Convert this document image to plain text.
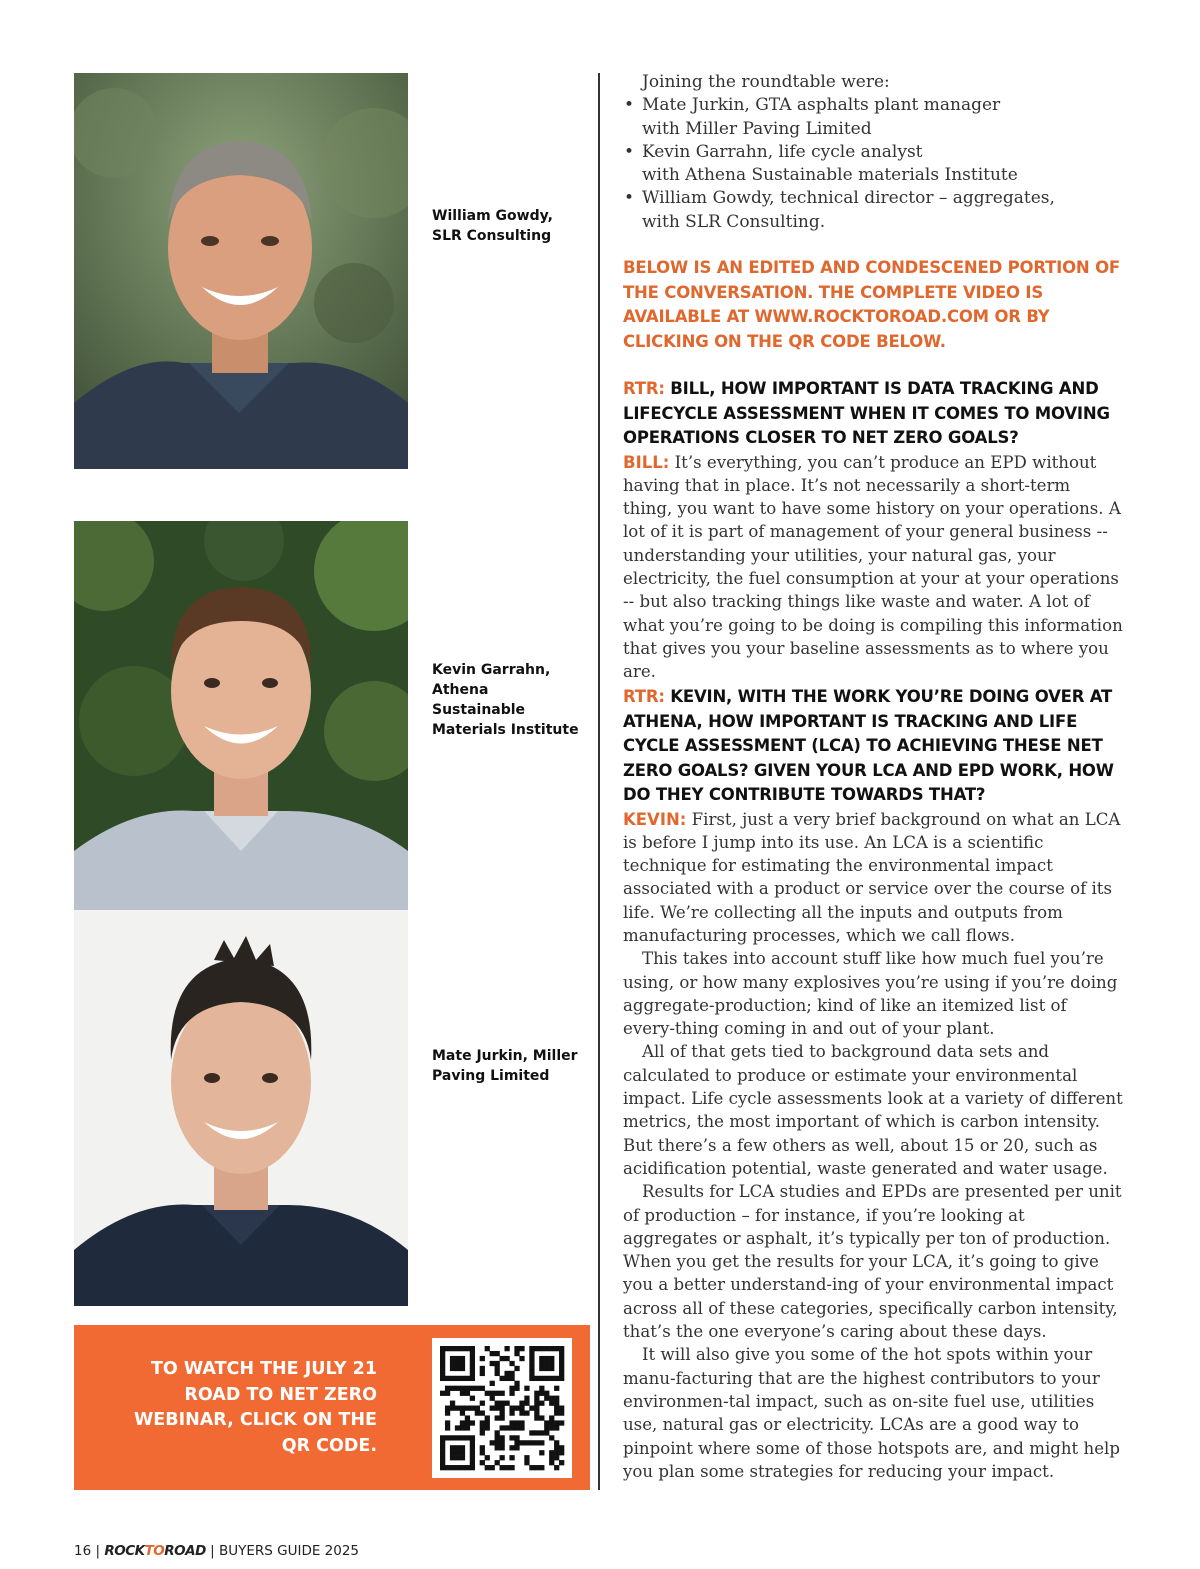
William Gowdy, SLR Consulting
Kevin Garrahn, Athena Sustainable Materials Institute
Mate Jurkin, Miller Paving Limited

Joining the roundtable were:

• Mate Jurkin, GTA asphalts plant manager
with Miller Paving Limited
• Kevin Garrahn, life cycle analyst
with Athena Sustainable materials Institute
• William Gowdy, technical director – aggregates,
with SLR Consulting.
BELOW IS AN EDITED AND CONDESCENED PORTION OF THE CONVERSATION. THE COMPLETE VIDEO IS AVAILABLE AT WWW.ROCKTOROAD.COM OR BY CLICKING ON THE QR CODE BELOW.
RTR: BILL, HOW IMPORTANT IS DATA TRACKING AND LIFECYCLE ASSESSMENT WHEN IT COMES TO MOVING OPERATIONS CLOSER TO NET ZERO GOALS?

BILL: It’s everything, you can’t produce an EPD without having that in place. It’s not necessarily a short-term thing, you want to have some history on your operations. A lot of it is part of management of your general business -- understanding your utilities, your natural gas, your electricity, the fuel consumption at your at your operations -- but also tracking things like waste and water. A lot of what you’re going to be doing is compiling this information that gives you your baseline assessments as to where you are.

RTR: KEVIN, WITH THE WORK YOU’RE DOING OVER AT ATHENA, HOW IMPORTANT IS TRACKING AND LIFE CYCLE ASSESSMENT (LCA) TO ACHIEVING THESE NET ZERO GOALS? GIVEN YOUR LCA AND EPD WORK, HOW DO THEY CONTRIBUTE TOWARDS THAT?

KEVIN: First, just a very brief background on what an LCA is before I jump into its use. An LCA is a scientific technique for estimating the environmental impact associated with a product or service over the course of its life. We’re collecting all the inputs and outputs from manufacturing processes, which we call flows.

This takes into account stuff like how much fuel you’re using, or how many explosives you’re using if you’re doing aggregate-production; kind of like an itemized list of every-thing coming in and out of your plant.

All of that gets tied to background data sets and calculated to produce or estimate your environmental impact. Life cycle assessments look at a variety of different metrics, the most important of which is carbon intensity. But there’s a few others as well, about 15 or 20, such as acidification potential, waste generated and water usage.

Results for LCA studies and EPDs are presented per unit of production – for instance, if you’re looking at aggregates or asphalt, it’s typically per ton of production. When you get the results for your LCA, it’s going to give you a better understand-ing of your environmental impact across all of these categories, specifically carbon intensity, that’s the one everyone’s caring about these days.

It will also give you some of the hot spots within your manu-facturing that are the highest contributors to your environmen-tal impact, such as on-site fuel use, utilities use, natural gas or electricity. LCAs are a good way to pinpoint where some of those hotspots are, and might help you plan some strategies for reducing your impact.

TO WATCH THE JULY 21 ROAD TO NET ZERO WEBINAR, CLICK ON THE QR CODE.
16 | ROCKTOROAD | BUYERS GUIDE 2025
